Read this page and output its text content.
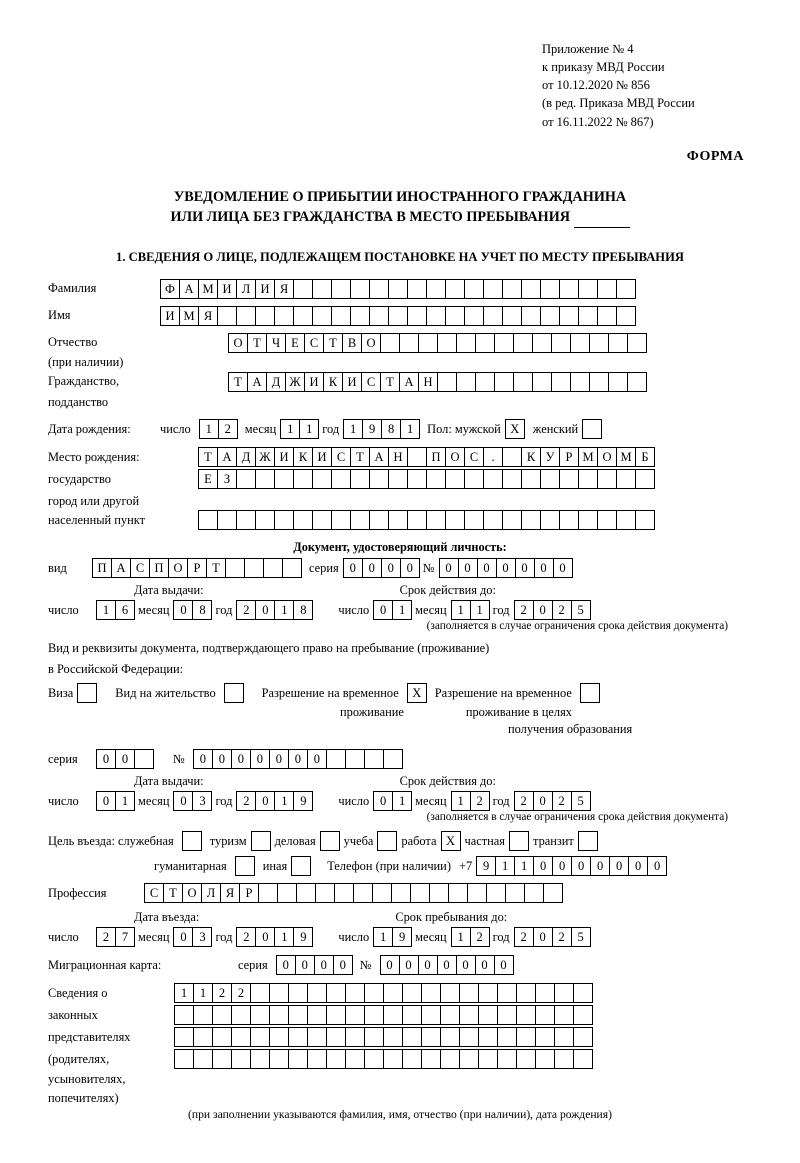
Приложение № 4
к приказу МВД России
от 10.12.2020 № 856
(в ред. Приказа МВД России
от 16.11.2022 № 867)
ФОРМА
УВЕДОМЛЕНИЕ О ПРИБЫТИИ ИНОСТРАННОГО ГРАЖДАНИНА
ИЛИ ЛИЦА БЕЗ ГРАЖДАНСТВА В МЕСТО ПРЕБЫВАНИЯ
1. СВЕДЕНИЯ О ЛИЦЕ, ПОДЛЕЖАЩЕМ ПОСТАНОВКЕ НА УЧЕТ ПО МЕСТУ ПРЕБЫВАНИЯ
Фамилия	Ф А М И Л И Я
Имя	И М Я
Отчество	О Т Ч Е С Т В О
(при наличии)
Гражданство,	Т А Д Ж И К И С Т А Н
подданство
Дата рождения:	число	1	2	месяц 1	1 год 1	9	8	1	Пол: мужской X	женский
Место рождения:	Т А Д Ж И К И С Т А Н	П О С	.	К У Р М О М Б
государство	Е З
город или другой
населенный пункт
Документ, удостоверяющий личность:
вид	П А С П О Р Т	серия 0	0	0	0 № 0	0	0	0	0	0	0
Дата выдачи:	Срок действия до:
число	1	6 месяц 0	8 год 2	0	1	8	число 0	1 месяц 1	1 год 2	0	2	5
(заполняется в случае ограничения срока действия документа)
Вид и реквизиты документа, подтверждающего право на пребывание (проживание)
в Российской Федерации:
Виза	Вид на жительство	Разрешение на временное	X	Разрешение на временное
проживание	проживание в целях
получения образования
серия	0	0	№	0	0	0	0	0	0	0
Дата выдачи:	Срок действия до:
число	0	1 месяц 0	3 год 2	0	1	9	число 0	1 месяц 1	2 год 2	0	2	5
(заполняется в случае ограничения срока действия документа)
Цель въезда: служебная	туризм деловая учеба работа X частная транзит
гуманитарная	иная	Телефон (при наличии) +7 9	1	1	0	0	0	0	0	0	0
Профессия	С Т О Л Я Р
Дата въезда:	Срок пребывания до:
число	2	7 месяц 0	3 год 2	0	1	9	число 1	9 месяц 1	2 год 2	0	2	5
Миграционная карта:	серия	0	0	0	0	№	0	0	0	0	0	0	0
Сведения о	1	1	2	2
законных
представителях
(родителях,
усыновителях,
попечителях)
(при заполнении указываются фамилия, имя, отчество (при наличии), дата рождения)
